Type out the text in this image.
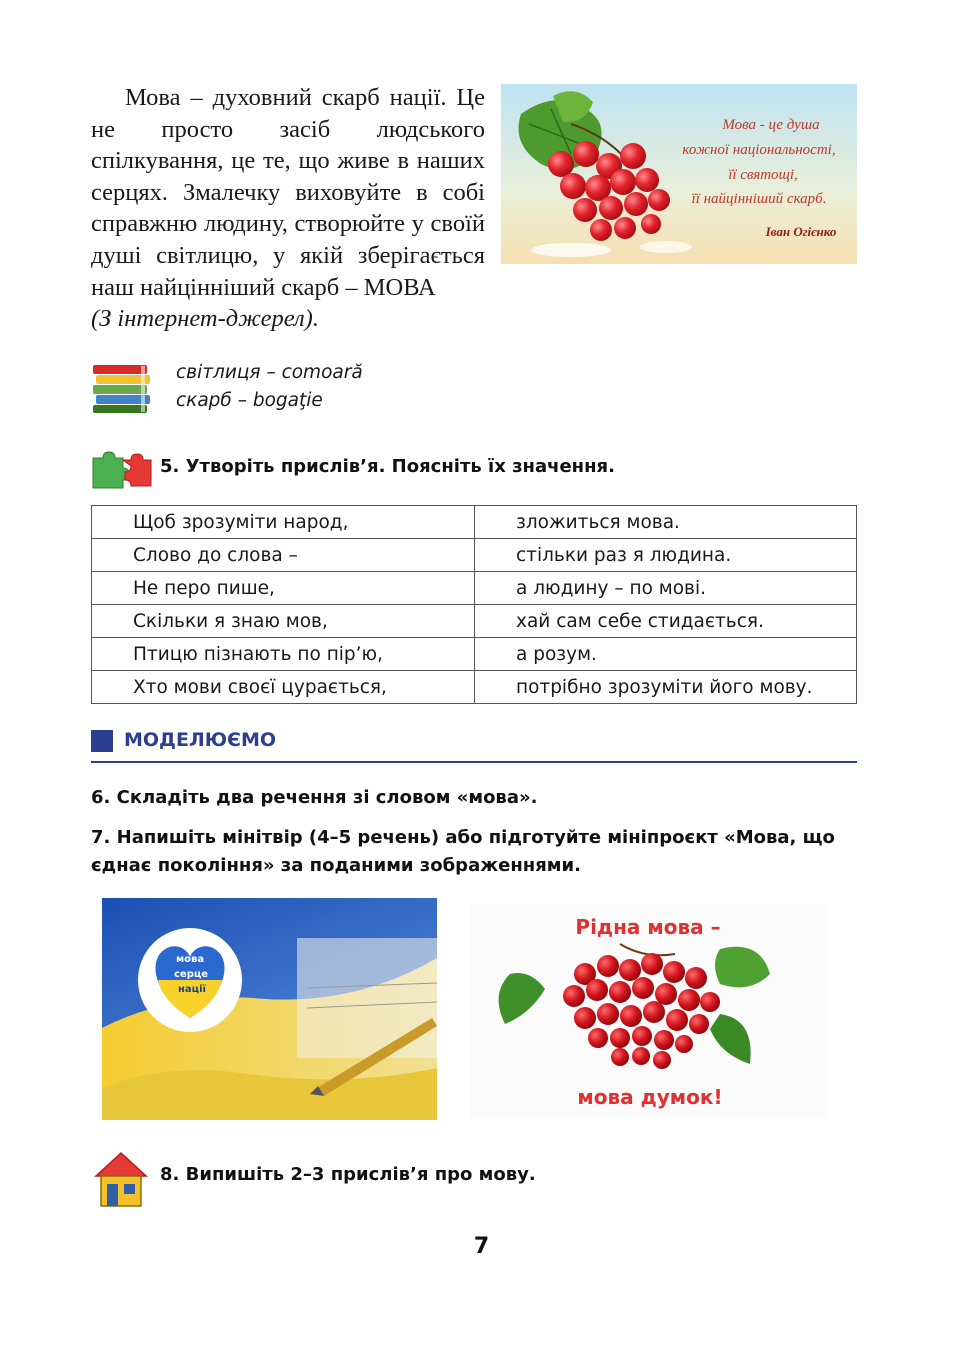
Мова - це душа
кожної національності,
її святощі,
її найцінніший скарб.
Іван Огієнко
Мова – духовний скарб нації. Це не просто засіб людського спілкування, це те, що живе в наших серцях. Змалечку виховуйте в собі справжню людину, створюйте у своїй душі світлицю, у якій зберігається наш найцінніший скарб – МОВА
(З інтернет-джерел).
світлиця – comoară
скарб – bogaţie
5. Утворіть прислів’я. Поясніть їх значення.
Щоб зрозуміти народ,	зложиться мова.
Слово до слова –	стільки раз я людина.
Не перо пише,	а людину – по мові.
Скільки я знаю мов,	хай сам себе стидається.
Птицю пізнають по пір’ю,	а розум.
Хто мови своєї цурається,	потрібно зрозуміти його мову.
МОДЕЛЮЄМО
6. Складіть два речення зі словом «мова».
7. Напишіть мінітвір (4–5 речень) або підготуйте мініпроєкт «Мова, що єднає покоління» за поданими зображеннями.
мова
серце
нації
Рідна мова –
мова думок!
8. Випишіть 2–3 прислів’я про мову.
7
